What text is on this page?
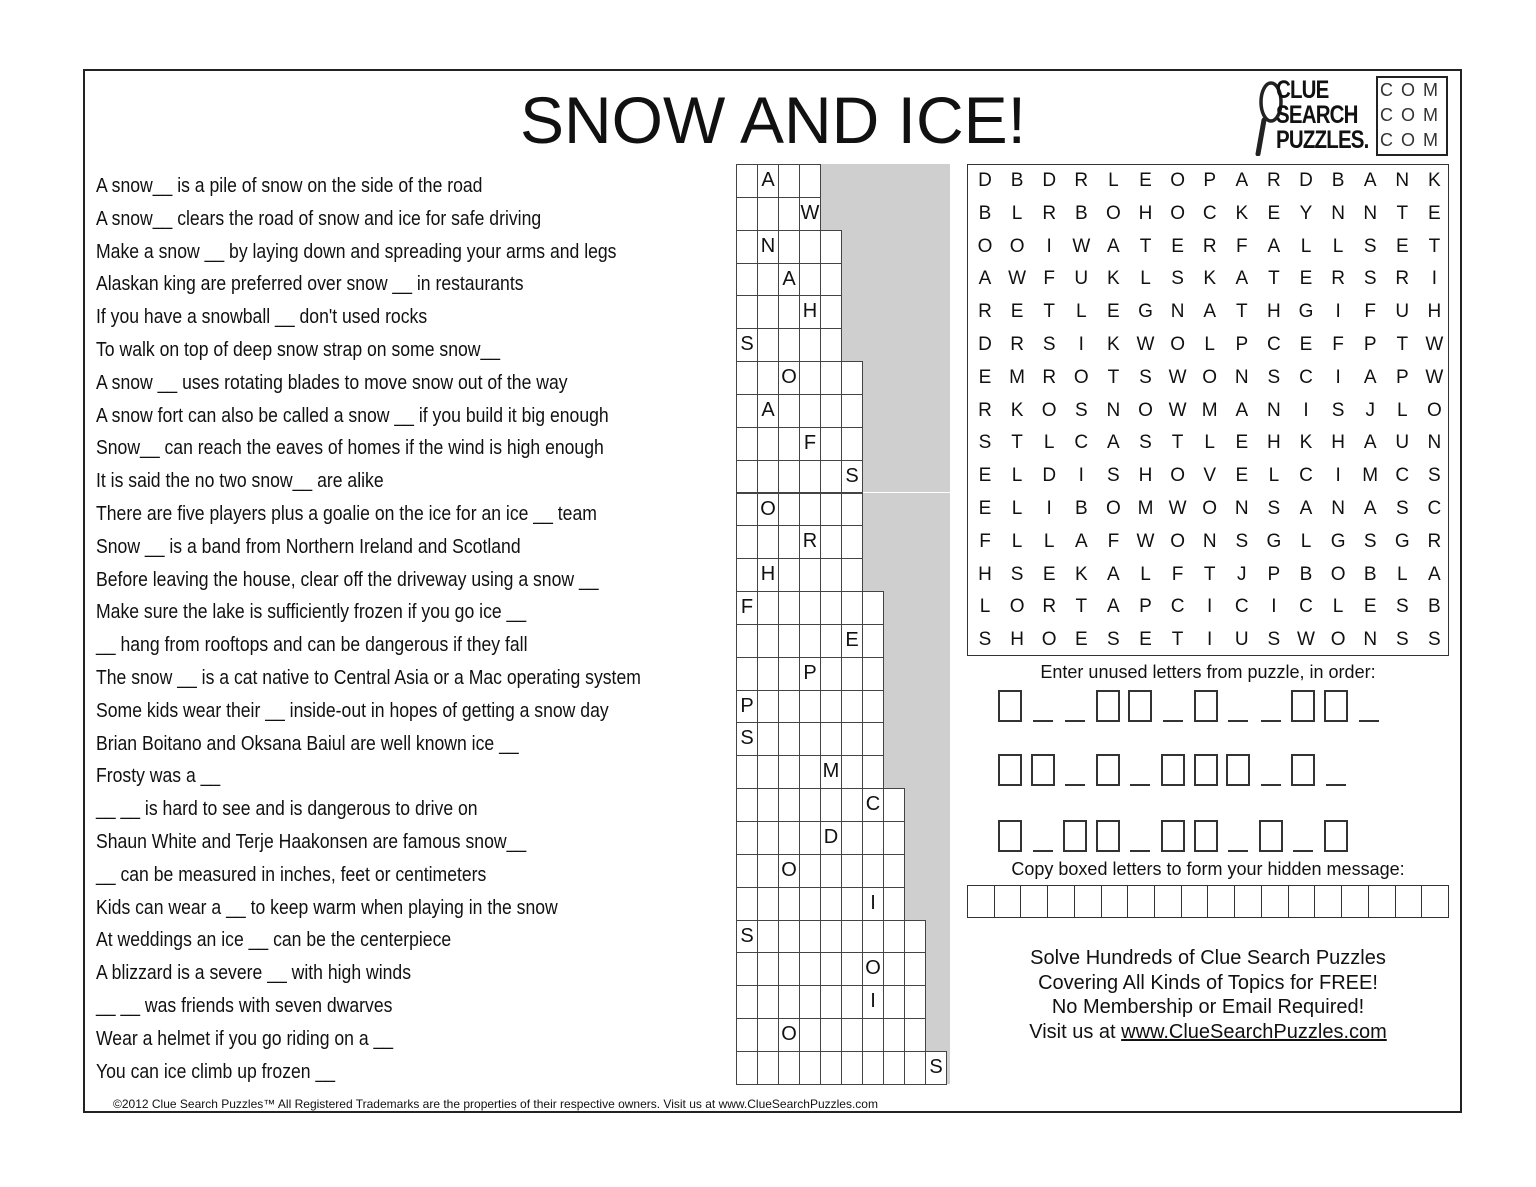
SNOW AND ICE!	CLUE
SEARCH
PUZZLES.
COM
COM
COM
A snow__ is a pile of snow on the side of the road
A snow__ clears the road of snow and ice for safe driving
Make a snow __ by laying down and spreading your arms and legs
Alaskan king are preferred over snow __ in restaurants
If you have a snowball __ don't used rocks
To walk on top of deep snow strap on some snow__
A snow __ uses rotating blades to move snow out of the way
A snow fort can also be called a snow __ if you build it big enough
Snow__ can reach the eaves of homes if the wind is high enough
It is said the no two snow__ are alike
There are five players plus a goalie on the ice for an ice __ team
Snow __ is a band from Northern Ireland and Scotland
Before leaving the house, clear off the driveway using a snow __
Make sure the lake is sufficiently frozen if you go ice __
__ hang from rooftops and can be dangerous if they fall
The snow __ is a cat native to Central Asia or a Mac operating system
Some kids wear their __ inside-out in hopes of getting a snow day
Brian Boitano and Oksana Baiul are well known ice __
Frosty was a __
__ __ is hard to see and is dangerous to drive on
Shaun White and Terje Haakonsen are famous snow__
__ can be measured in inches, feet or centimeters
Kids can wear a __ to keep warm when playing in the snow
At weddings an ice __ can be the centerpiece
A blizzard is a severe __ with high winds
__ __ was friends with seven dwarves
Wear a helmet if you go riding on a __
You can ice climb up frozen __
A
W
N
A
H
S
O
A
F
S
O
R
H
F
E
P
P
S
M
C
D
O
I
S
O
I
O
S
D B D R	L	E O P	A R D B	A N K
B	L	R B O H O C K	E	Y N N	T	E
O O	I	W A	T	E R	F	A	L	L	S	E	T
A W F	U K	L	S	K	A	T	E R S R	I
R E	T	L	E G N A	T	H G	I	F	U H
D R S	I	K W O	L	P C E	F	P	T W
E M R O T	S W O N S C	I	A	P W
R K O S N O W M A N	I	S	J	L	O
S	T	L	C A	S	T	L	E H K H A U N
E	L	D	I	S H O V	E	L	C	I	M C S
E	L	I	B O M W O N S	A N A	S C
F	L	L	A	F W O N S G	L	G S G R
H S	E	K	A	L	F	T	J	P	B O B	L	A
L	O R	T	A	P C	I	C	I	C	L	E	S	B
S H O E	S	E	T	I	U S W O N S	S
Enter unused letters from puzzle, in order:
Copy boxed letters to form your hidden message:
Solve Hundreds of Clue Search Puzzles
Covering All Kinds of Topics for FREE!
No Membership or Email Required!
Visit us at www.ClueSearchPuzzles.com
©2012 Clue Search Puzzles™ All Registered Trademarks are the properties of their respective owners. Visit us at www.ClueSearchPuzzles.com
